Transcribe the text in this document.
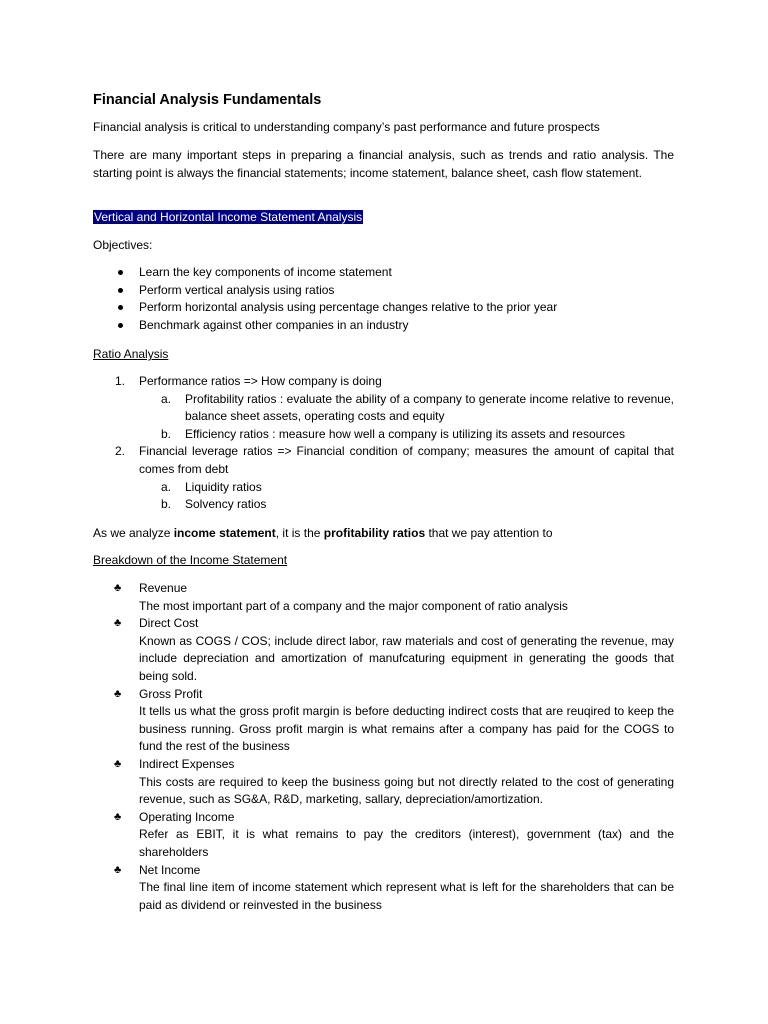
Financial Analysis Fundamentals

Financial analysis is critical to understanding company’s past performance and future prospects

There are many important steps in preparing a financial analysis, such as trends and ratio analysis. The starting point is always the financial statements; income statement, balance sheet, cash flow statement.

Vertical and Horizontal Income Statement Analysis

Objectives:

Learn the key components of income statement
Perform vertical analysis using ratios
Perform horizontal analysis using percentage changes relative to the prior year
Benchmark against other companies in an industry

Ratio Analysis

1. Performance ratios => How company is doing
a. Profitability ratios : evaluate the ability of a company to generate income relative to revenue, balance sheet assets, operating costs and equity
b. Efficiency ratios : measure how well a company is utilizing its assets and resources
2. Financial leverage ratios => Financial condition of company; measures the amount of capital that comes from debt
a. Liquidity ratios
b. Solvency ratios

As we analyze income statement, it is the profitability ratios that we pay attention to

Breakdown of the Income Statement

♣ Revenue
The most important part of a company and the major component of ratio analysis
♣ Direct Cost
Known as COGS / COS; include direct labor, raw materials and cost of generating the revenue, may include depreciation and amortization of manufcaturing equipment in generating the goods that being sold.
♣ Gross Profit
It tells us what the gross profit margin is before deducting indirect costs that are reuqired to keep the business running. Gross profit margin is what remains after a company has paid for the COGS to fund the rest of the business
♣ Indirect Expenses
This costs are required to keep the business going but not directly related to the cost of generating revenue, such as SG&A, R&D, marketing, sallary, depreciation/amortization.
♣ Operating Income
Refer as EBIT, it is what remains to pay the creditors (interest), government (tax) and the shareholders
♣ Net Income
The final line item of income statement which represent what is left for the shareholders that can be paid as dividend or reinvested in the business
